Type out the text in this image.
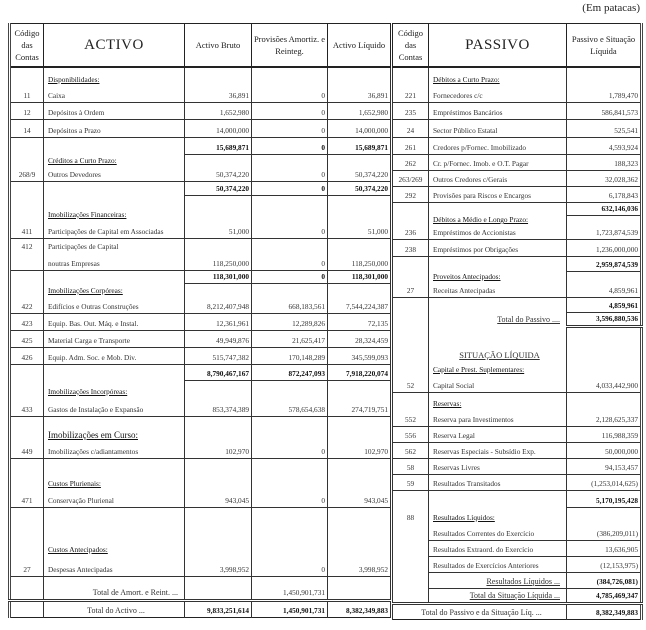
(Em patacas)
Código das Contas	ACTIVO	Activo Bruto	Provisões Amortiz. e Reinteg.	Activo Líquido
	Disponibilidades:			
11	Caixa	36,891	0	36,891
12	Depósitos à Ordem	1,652,980	0	1,652,980
14	Depósitos a Prazo	14,000,000	0	14,000,000
		15,689,871	0	15,689,871
	Créditos a Curto Prazo:			
268/9	Outros Devedores	50,374,220	0	50,374,220
		50,374,220	0	50,374,220
	Imobilizações Financeiras:			
411	Participações de Capital em Associadas	51,000	0	51,000
412	Participações de Capital			
	noutras Empresas	118,250,000	0	118,250,000
		118,301,000	0	118,301,000
	Imobilizações Corpóreas:			
422	Edifícios e Outras Construções	8,212,407,948	668,183,561	7,544,224,387
423	Equip. Bas. Out. Máq. e Instal.	12,361,961	12,289,826	72,135
425	Material Carga e Transporte	49,949,876	21,625,417	28,324,459
426	Equip. Adm. Soc. e Mob. Div.	515,747,382	170,148,289	345,599,093
		8,790,467,167	872,247,093	7,918,220,074
	Imobilizações Incorpóreas:			
433	Gastos de Instalação e Expansão	853,374,389	578,654,638	274,719,751
	Imobilizações em Curso:			
449	Imobilizações c/adiantamentos	102,970	0	102,970
	Custos Plurienais:			
471	Conservação Plurienal	943,045	0	943,045
	Custos Antecipados:			
27	Despesas Antecipadas	3,998,952	0	3,998,952
	Total de Amort. e Reint. ...		1,450,901,731	
	Total do Activo ...	9,833,251,614	1,450,901,731	8,382,349,883
Código das Contas	PASSIVO	Passivo e Situação Líquida
	Débitos a Curto Prazo:	
221	Fornecedores c/c	1,789,470
235	Empréstimos Bancários	586,841,573
24	Sector Público Estatal	525,541
261	Credores p/Fornec. Imobilizado	4,593,924
262	Cr. p/Fornec. Imob. e O.T. Pagar	188,323
263/269	Outros Credores c/Gerais	32,028,362
292	Provisões para Riscos e Encargos	6,178,843
		632,146,036
	Débitos a Médio e Longo Prazo:	
236	Empréstimos de Accionistas	1,723,874,539
238	Empréstimos por Obrigações	1,236,000,000
		2,959,874,539
	Proveitos Antecipados:	
27	Receitas Antecipadas	4,859,961
		4,859,961
	Total do Passivo ....	3,596,880,536
	SITUAÇÃO LÍQUIDA	
	Capital e Prest. Suplementares:	
52	Capital Social	4,033,442,900
	Reservas:	
552	Reserva para Investimentos	2,128,625,337
556	Reserva Legal	116,988,359
562	Reservas Especiais - Subsídio Exp.	50,000,000
58	Reservas Livres	94,153,457
59	Resultados Transitados	(1,253,014,625)
		5,170,195,428
88	Resultados Líquidos:	
	Resultados Correntes do Exercício	(386,209,011)
	Resultados Extraord. do Exercício	13,636,905
	Resultados de Exercícios Anteriores	(12,153,975)
	Resultados Líquidos ...	(384,726,081)
	Total da Situação Líquida ...	4,785,469,347
Total do Passivo e da Situação Líq. ...		8,382,349,883
